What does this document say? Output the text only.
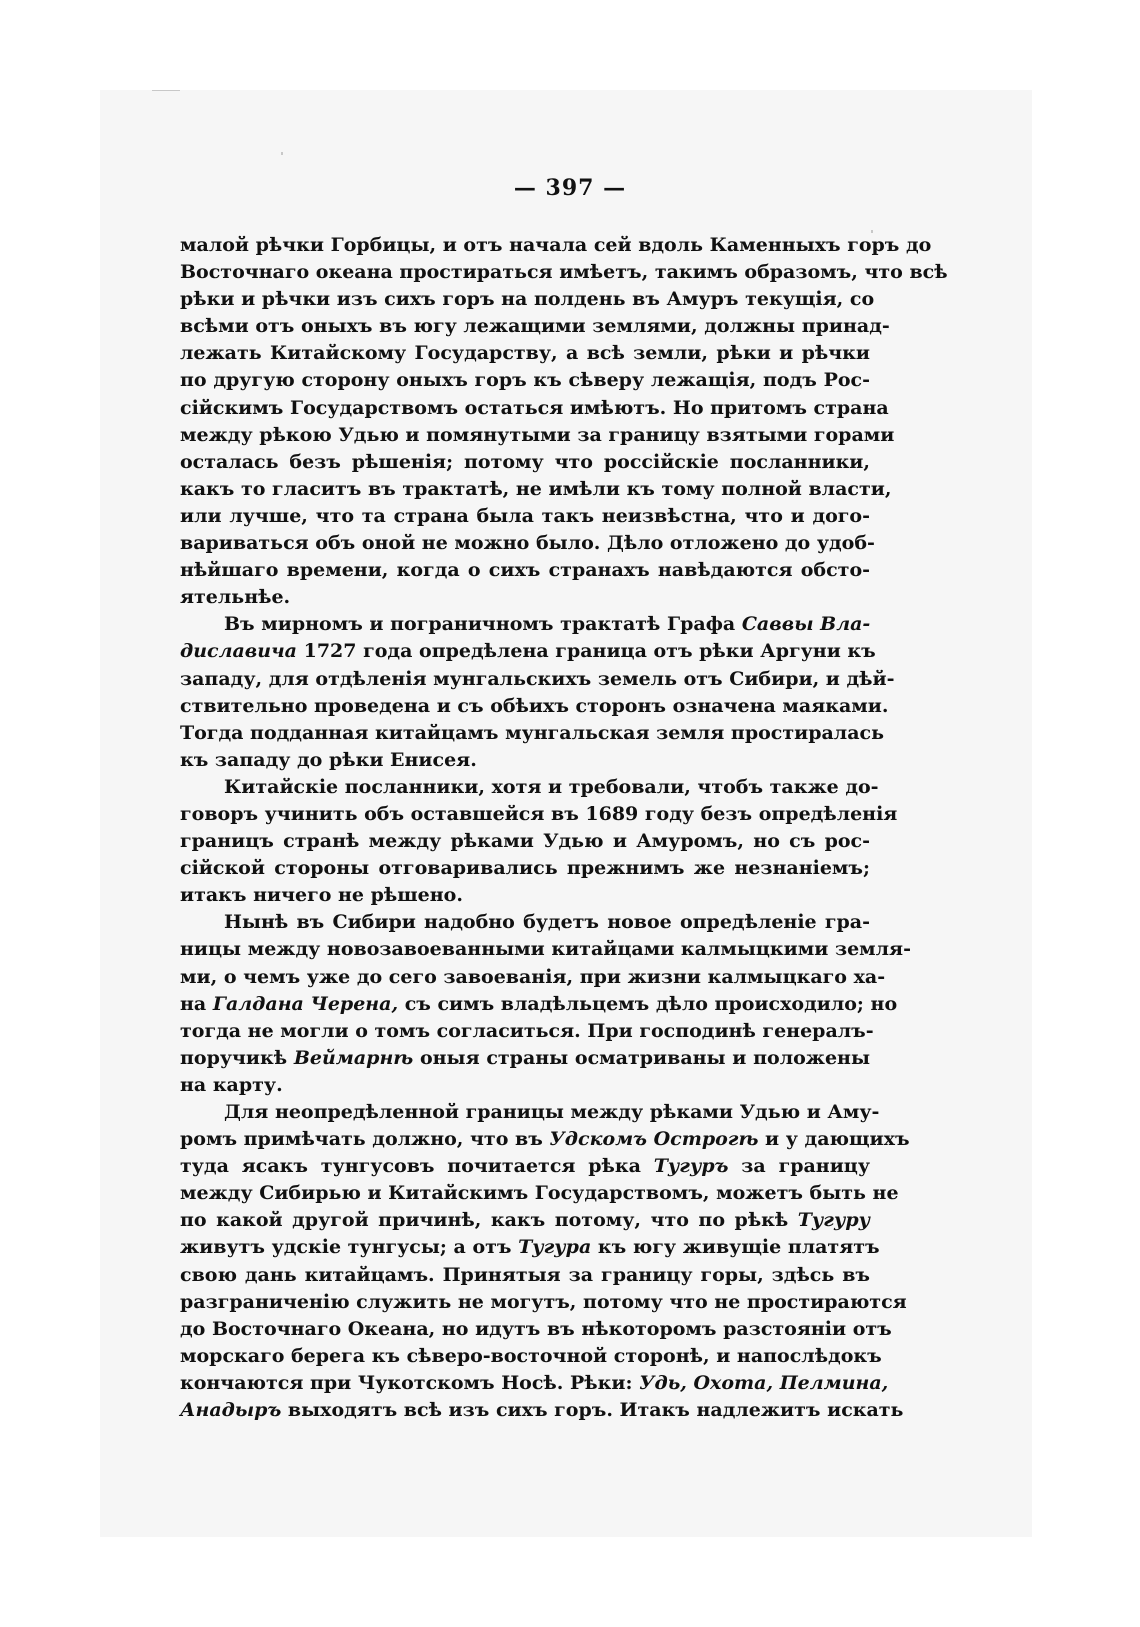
— 397 —
малой рѣчки Горбицы, и отъ начала сей вдоль Каменныхъ горъ до
Восточнаго океана простираться имѣетъ, такимъ образомъ, что всѣ
рѣки и рѣчки изъ сихъ горъ на полдень въ Амуръ текущія, со
всѣми отъ оныхъ въ югу лежащими землями, должны принад-
лежать Китайскому Государству, а всѣ земли, рѣки и рѣчки
по другую сторону оныхъ горъ къ сѣверу лежащія, подъ Рос-
сійскимъ Государствомъ остаться имѣютъ. Но притомъ страна
между рѣкою Удью и помянутыми за границу взятыми горами
осталась безъ рѣшенія; потому что россійскіе посланники,
какъ то гласитъ въ трактатѣ, не имѣли къ тому полной власти,
или лучше, что та страна была такъ неизвѣстна, что и дого-
вариваться объ оной не можно было. Дѣло отложено до удоб-
нѣйшаго времени, когда о сихъ странахъ навѣдаются обсто-
ятельнѣе.
Въ мирномъ и пограничномъ трактатѣ Графа Саввы Вла-
диславича 1727 года опредѣлена граница отъ рѣки Аргуни къ
западу, для отдѣленія мунгальскихъ земель отъ Сибири, и дѣй-
ствительно проведена и съ обѣихъ сторонъ означена маяками.
Тогда подданная китайцамъ мунгальская земля простиралась
къ западу до рѣки Енисея.
Китайскіе посланники, хотя и требовали, чтобъ также до-
говоръ учинить объ оставшейся въ 1689 году безъ опредѣленія
границъ странѣ между рѣками Удью и Амуромъ, но съ рос-
сійской стороны отговаривались прежнимъ же незнаніемъ;
итакъ ничего не рѣшено.
Нынѣ въ Сибири надобно будетъ новое опредѣленіе гра-
ницы между новозавоеванными китайцами калмыцкими земля-
ми, о чемъ уже до сего завоеванія, при жизни калмыцкаго ха-
на Галдана Черена, съ симъ владѣльцемъ дѣло происходило; но
тогда не могли о томъ согласиться. При господинѣ генералъ-
поручикѣ Веймарнѣ оныя страны осматриваны и положены
на карту.
Для неопредѣленной границы между рѣками Удью и Аму-
ромъ примѣчать должно, что въ Удскомъ Острогѣ и у дающихъ
туда ясакъ тунгусовъ почитается рѣка Тугуръ за границу
между Сибирью и Китайскимъ Государствомъ, можетъ быть не
по какой другой причинѣ, какъ потому, что по рѣкѣ Тугуру
живутъ удскіе тунгусы; а отъ Тугура къ югу живущіе платятъ
свою дань китайцамъ. Принятыя за границу горы, здѣсь въ
разграниченію служить не могутъ, потому что не простираются
до Восточнаго Океана, но идутъ въ нѣкоторомъ разстояніи отъ
морскаго берега къ сѣверо-восточной сторонѣ, и напослѣдокъ
кончаются при Чукотскомъ Носѣ. Рѣки: Удь, Охота, Пелмина,
Анадыръ выходятъ всѣ изъ сихъ горъ. Итакъ надлежитъ искать
